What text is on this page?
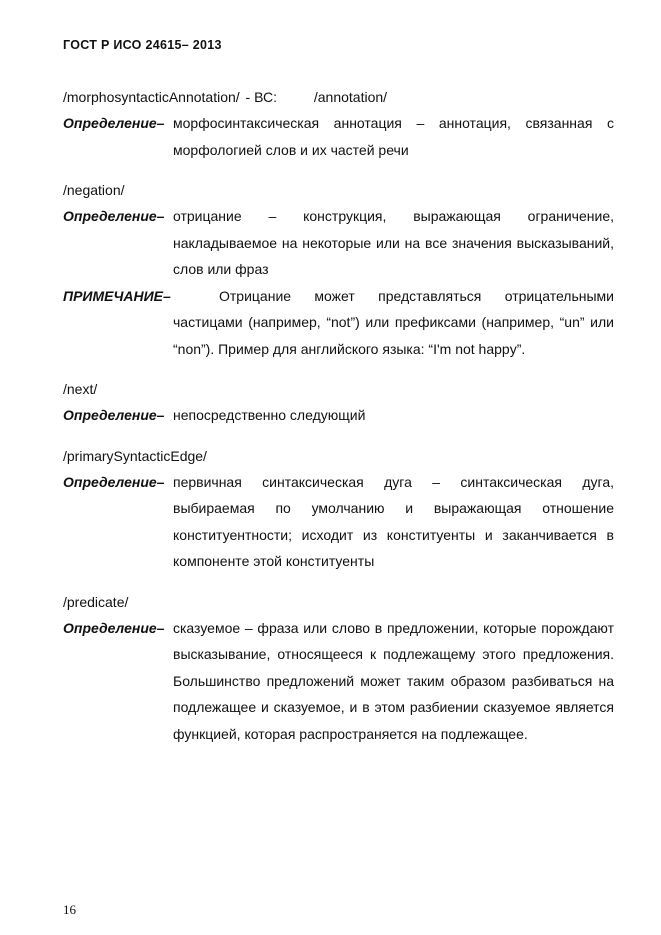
ГОСТ Р ИСО 24615– 2013
/morphosyntacticAnnotation/ - ВС:	/annotation/
Определение– морфосинтаксическая аннотация – аннотация, связанная с морфологией слов и их частей речи
/negation/
Определение– отрицание – конструкция, выражающая ограничение, накладываемое на некоторые или на все значения высказываний, слов или фраз
ПРИМЕЧАНИЕ–	Отрицание может представляться отрицательными частицами (например, “not”) или префиксами (например, “un” или “non”). Пример для английского языка: “I'm not happy”.
/next/
Определение– непосредственно следующий
/primarySyntacticEdge/
Определение– первичная синтаксическая дуга – синтаксическая дуга, выбираемая по умолчанию и выражающая отношение конституентности; исходит из конституенты и заканчивается в компоненте этой конституенты
/predicate/
Определение– сказуемое – фраза или слово в предложении, которые порождают высказывание, относящееся к подлежащему этого предложения. Большинство предложений может таким образом разбиваться на подлежащее и сказуемое, и в этом разбиении сказуемое является функцией, которая распространяется на подлежащее.
16
